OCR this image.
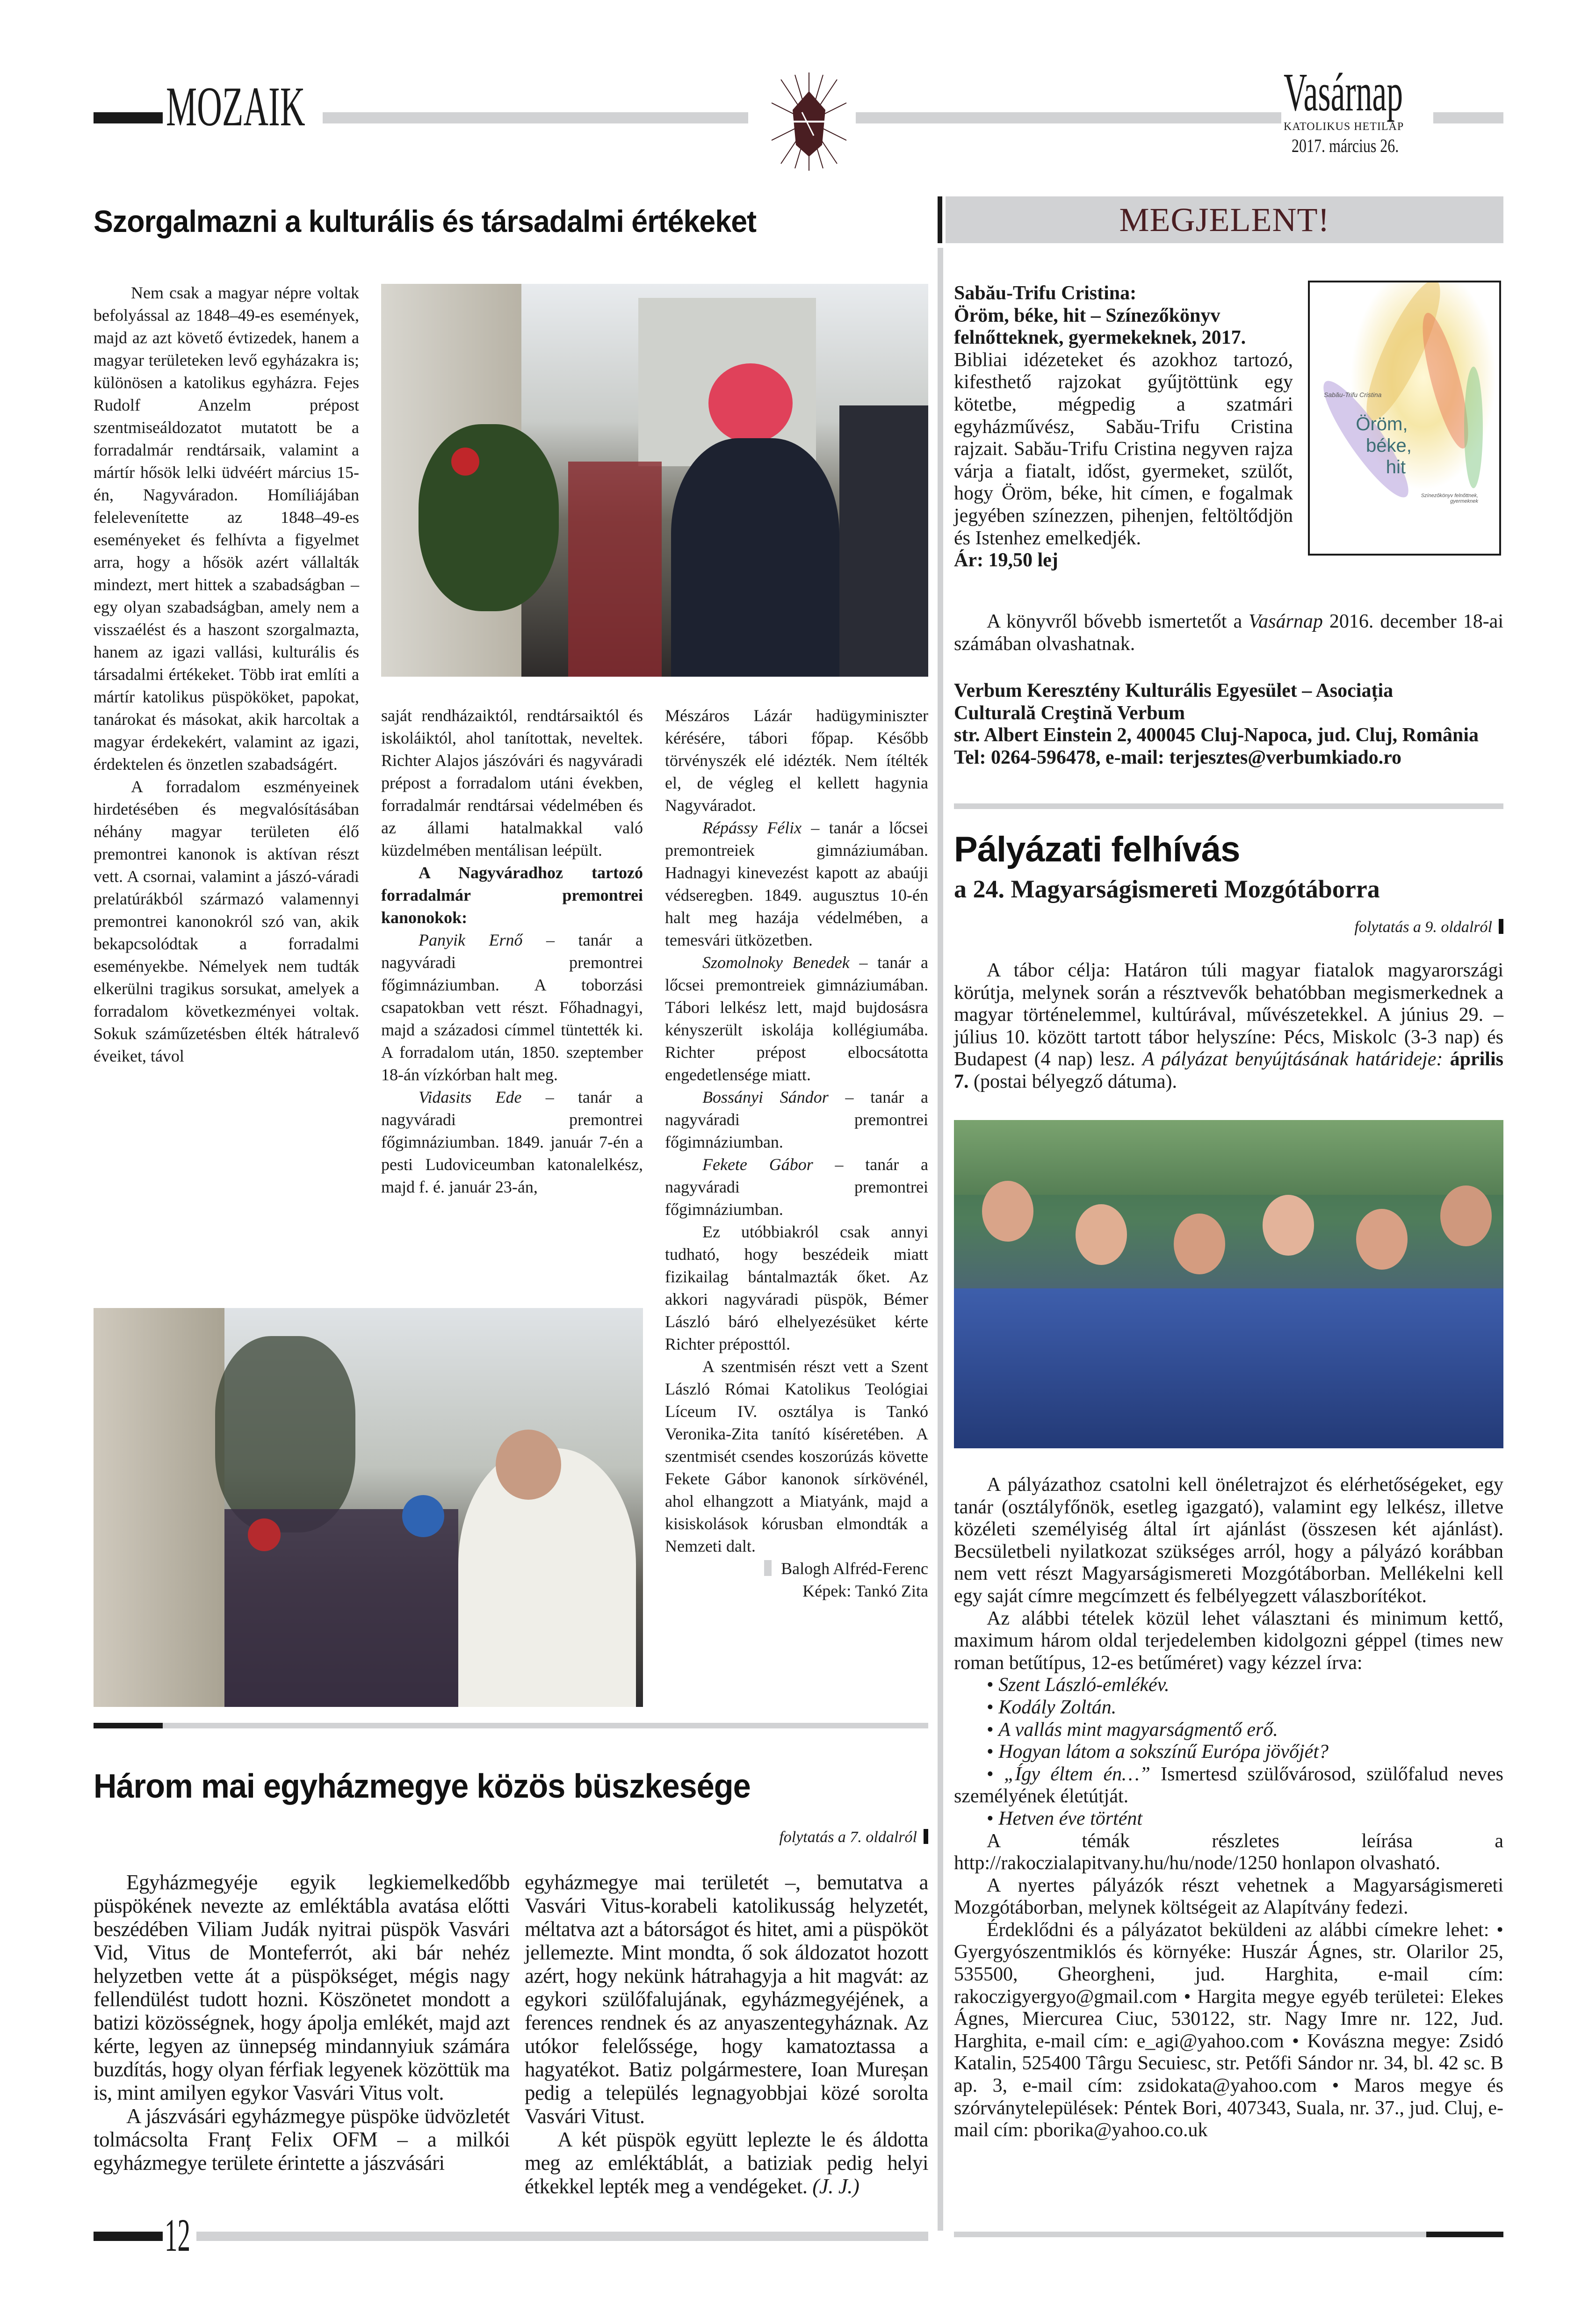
MOZAIK	Vasárnap
KATOLIKUS HETILAP
2017. március 26.
Szorgalmazni a kulturális és társadalmi értékeket

Nem csak a magyar népre voltak befolyással az 1848–49-es események, majd az azt követő évtizedek, hanem a magyar területeken levő egyházakra is; különösen a katolikus egyházra. Fejes Rudolf Anzelm prépost szentmiseáldozatot mutatott be a forradalmár rendtársaik, valamint a mártír hősök lelki üdvéért március 15-én, Nagyváradon. Homíliájában felelevenítette az 1848–49-es eseményeket és felhívta a figyelmet arra, hogy a hősök azért vállalták mindezt, mert hittek a szabadságban – egy olyan szabadságban, amely nem a visszaélést és a haszont szorgalmazta, hanem az igazi vallási, kulturális és társadalmi értékeket. Több irat említi a mártír katolikus püspököket, papokat, tanárokat és másokat, akik harcoltak a magyar érdekekért, valamint az igazi, érdektelen és önzetlen szabadságért.

A forradalom eszményeinek hirdetésében és megvalósításában néhány magyar területen élő premontrei kanonok is aktívan részt vett. A csornai, valamint a jászó-váradi prelatúrákból származó valamennyi premontrei kanonokról szó van, akik bekapcsolódtak a forradalmi eseményekbe. Némelyek nem tudták elkerülni tragikus sorsukat, amelyek a forradalom következményei voltak. Sokuk száműzetésben élték hátralevő éveiket, távol

saját rendházaiktól, rendtársaiktól és iskoláiktól, ahol tanítottak, neveltek. Richter Alajos jászóvári és nagyváradi prépost a forradalom utáni években, forradalmár rendtársai védelmében és az állami hatalmakkal való küzdelmében mentálisan leépült.

A Nagyváradhoz tartozó forradalmár premontrei kanonokok:

Panyik Ernő – tanár a nagyváradi premontrei főgimnáziumban. A toborzási csapatokban vett részt. Főhadnagyi, majd a századosi címmel tüntették ki. A forradalom után, 1850. szeptember 18-án vízkórban halt meg.

Vidasits Ede – tanár a nagyváradi premontrei főgimnáziumban. 1849. január 7-én a pesti Ludoviceumban katonalelkész, majd f. é. január 23-án,

Mészáros Lázár hadügyminiszter kérésére, tábori főpap. Később törvényszék elé idézték. Nem ítélték el, de végleg el kellett hagynia Nagyváradot.

Répássy Félix – tanár a lőcsei premontreiek gimnáziumában. Hadnagyi kinevezést kapott az abaúji védseregben. 1849. augusztus 10-én halt meg hazája védelmében, a temesvári ütközetben.

Szomolnoky Benedek – tanár a lőcsei premontreiek gimnáziumában. Tábori lelkész lett, majd bujdosásra kényszerült iskolája kollégiumába. Richter prépost elbocsátotta engedetlensége miatt.

Bossányi Sándor – tanár a nagyváradi premontrei főgimnáziumban.

Fekete Gábor – tanár a nagyváradi premontrei főgimnáziumban.

Ez utóbbiakról csak annyi tudható, hogy beszédeik miatt fizikailag bántalmazták őket. Az akkori nagyváradi püspök, Bémer László báró elhelyezésüket kérte Richter préposttól.

A szentmisén részt vett a Szent László Római Katolikus Teológiai Líceum IV. osztálya is Tankó Veronika-Zita tanító kíséretében. A szentmisét csendes koszorúzás követte Fekete Gábor kanonok sírkövénél, ahol elhangzott a Miatyánk, majd a kisiskolások kórusban elmondták a Nemzeti dalt.

Balogh Alfréd-Ferenc

Képek: Tankó Zita

Három mai egyházmegye közös büszkesége
folytatás a 7. oldalról

Egyházmegyéje egyik legkiemelkedőbb püspökének nevezte az emléktábla avatása előtti beszédében Viliam Judák nyitrai püspök Vasvári Vid, Vitus de Monteferrót, aki bár nehéz helyzetben vette át a püspökséget, mégis nagy fellendülést tudott hozni. Köszönetet mondott a batizi közösségnek, hogy ápolja emlékét, majd azt kérte, legyen az ünnepség mindannyiuk számára buzdítás, hogy olyan férfiak legyenek közöttük ma is, mint amilyen egykor Vasvári Vitus volt.

A jászvásári egyházmegye püspöke üdvözletét tolmácsolta Franț Felix OFM – a milkói egyházmegye területe érintette a jászvásári

egyházmegye mai területét –, bemutatva a Vasvári Vitus-korabeli katolikusság helyzetét, méltatva azt a bátorságot és hitet, ami a püspököt jellemezte. Mint mondta, ő sok áldozatot hozott azért, hogy nekünk hátrahagyja a hit magvát: az egykori szülőfalujának, egyházmegyéjének, a ferences rendnek és az anyaszentegyháznak. Az utókor felelőssége, hogy kamatoztassa a hagyatékot. Batiz polgármestere, Ioan Mureșan pedig a település legnagyobbjai közé sorolta Vasvári Vitust.

A két püspök együtt leplezte le és áldotta meg az emléktáblát, a batiziak pedig helyi étkekkel lepték meg a vendégeket. (J. J.)

MEGJELENT!

Sabău-Trifu Cristina:

Öröm, béke, hit – Színezőkönyv felnőtteknek, gyermekeknek, 2017.

Bibliai idézeteket és azokhoz tartozó, kifesthető rajzokat gyűjtöttünk egy kötetbe, mégpedig a szatmári egyházművész, Sabău-Trifu Cristina rajzait. Sabău-Trifu Cristina negyven rajza várja a fiatalt, időst, gyermeket, szülőt, hogy Öröm, béke, hit címen, e fogalmak jegyében színezzen, pihenjen, feltöltődjön és Istenhez emelkedjék.

Ár: 19,50 lej

Sabău-Trifu Cristina
Öröm,
béke,
hit
Színezőkönyv felnőttnek, gyermeknek

A könyvről bővebb ismertetőt a Vasárnap 2016. december 18-ai számában olvashatnak.

Verbum Keresztény Kulturális Egyesület – Asociația

Culturală Creştină Verbum

str. Albert Einstein 2, 400045 Cluj-Napoca, jud. Cluj, România

Tel: 0264-596478, e-mail: terjesztes@verbumkiado.ro

Pályázati felhívás
a 24. Magyarságismereti Mozgótáborra
folytatás a 9. oldalról

A tábor célja: Határon túli magyar fiatalok magyarországi körútja, melynek során a résztvevők behatóbban megismerkednek a magyar történelemmel, kultúrával, művészetekkel. A június 29. – július 10. között tartott tábor helyszíne: Pécs, Miskolc (3-3 nap) és Budapest (4 nap) lesz. A pályázat benyújtásának határideje: április 7. (postai bélyegző dátuma).

A pályázathoz csatolni kell önéletrajzot és elérhetőségeket, egy tanár (osztályfőnök, esetleg igazgató), valamint egy lelkész, illetve közéleti személyiség által írt ajánlást (összesen két ajánlást). Becsületbeli nyilatkozat szükséges arról, hogy a pályázó korábban nem vett részt Magyarságismereti Mozgótáborban. Mellékelni kell egy saját címre megcímzett és felbélyegzett válaszborítékot.

Az alábbi tételek közül lehet választani és minimum kettő, maximum három oldal terjedelemben kidolgozni géppel (times new roman betűtípus, 12-es betűméret) vagy kézzel írva:

• Szent László-emlékév.

• Kodály Zoltán.

• A vallás mint magyarságmentő erő.

• Hogyan látom a sokszínű Európa jövőjét?

• „Így éltem én…” Ismertesd szülővárosod, szülőfalud neves személyének életútját.

• Hetven éve történt

A témák részletes leírása a http://rakoczialapitvany.hu/hu/node/1250 honlapon olvasható.

A nyertes pályázók részt vehetnek a Magyarságismereti Mozgótáborban, melynek költségeit az Alapítvány fedezi.

Érdeklődni és a pályázatot beküldeni az alábbi címekre lehet: • Gyergyószentmiklós és környéke: Huszár Ágnes, str. Olarilor 25, 535500, Gheorgheni, jud. Harghita, e-mail cím: rakoczigyergyo@gmail.com • Hargita megye egyéb területei: Elekes Ágnes, Miercurea Ciuc, 530122, str. Nagy Imre nr. 122, Jud. Harghita, e-mail cím: e_agi@yahoo.com • Kovászna megye: Zsidó Katalin, 525400 Târgu Secuiesc, str. Petőfi Sándor nr. 34, bl. 42 sc. B ap. 3, e-mail cím: zsidokata@yahoo.com • Maros megye és szórványtelepülések: Péntek Bori, 407343, Suala, nr. 37., jud. Cluj, e-mail cím: pborika@yahoo.co.uk

12
